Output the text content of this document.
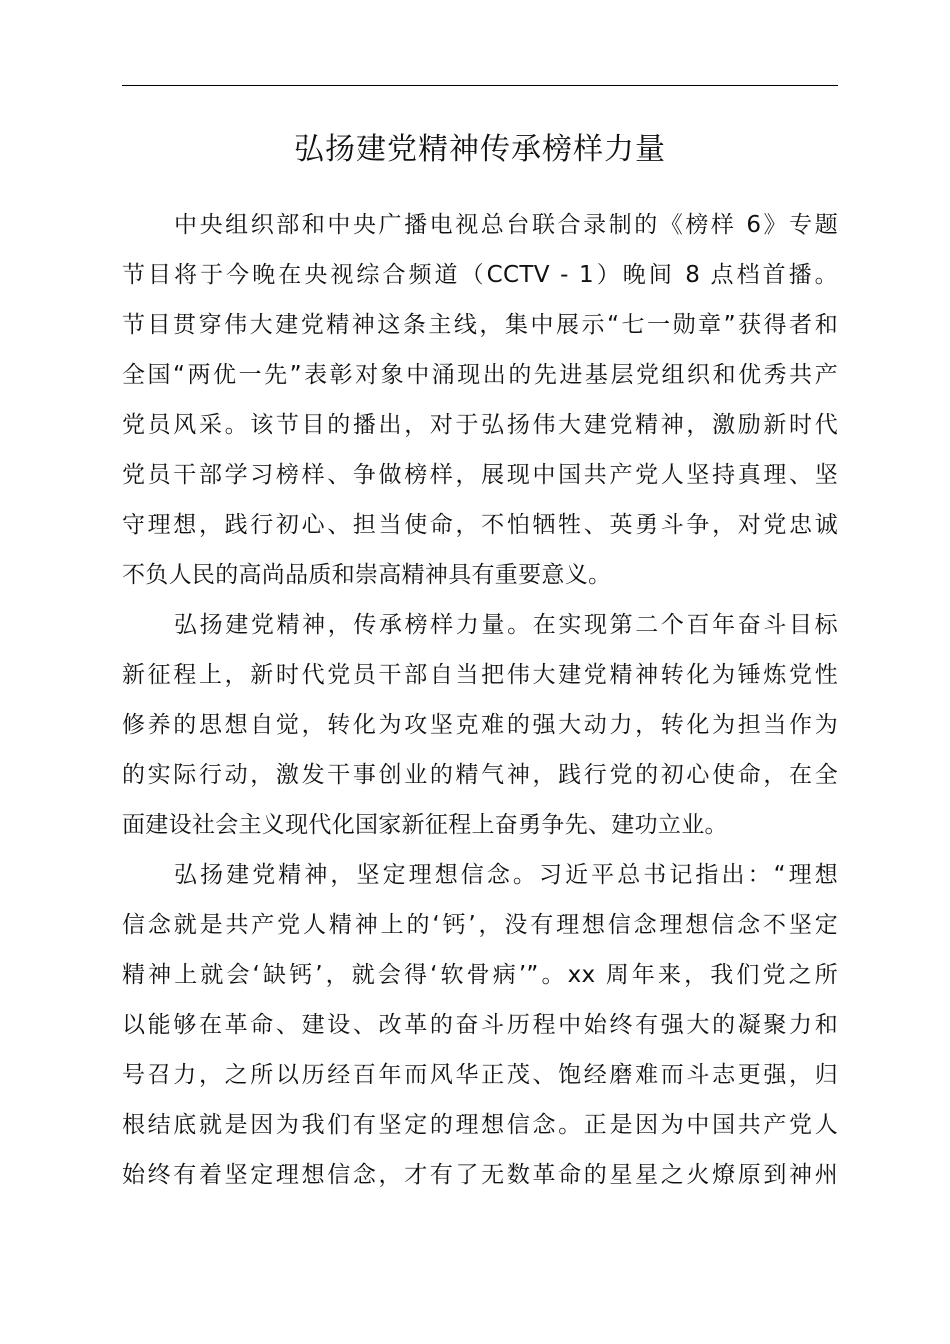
弘扬建党精神传承榜样力量
中央组织部和中央广播电视总台联合录制的《榜样 6》专题
节目将于今晚在央视综合频道（CCTV - 1）晚间 8 点档首播。
节目贯穿伟大建党精神这条主线，集中展示“七一勋章”获得者和
全国“两优一先”表彰对象中涌现出的先进基层党组织和优秀共产
党员风采。该节目的播出，对于弘扬伟大建党精神，激励新时代
党员干部学习榜样、争做榜样，展现中国共产党人坚持真理、坚
守理想，践行初心、担当使命，不怕牺牲、英勇斗争，对党忠诚
不负人民的高尚品质和崇高精神具有重要意义。
弘扬建党精神，传承榜样力量。在实现第二个百年奋斗目标
新征程上，新时代党员干部自当把伟大建党精神转化为锤炼党性
修养的思想自觉，转化为攻坚克难的强大动力，转化为担当作为
的实际行动，激发干事创业的精气神，践行党的初心使命，在全
面建设社会主义现代化国家新征程上奋勇争先、建功立业。
弘扬建党精神，坚定理想信念。习近平总书记指出：“理想
信念就是共产党人精神上的‘钙’，没有理想信念理想信念不坚定
精神上就会‘缺钙’，就会得‘软骨病’”。xx 周年来，我们党之所
以能够在革命、建设、改革的奋斗历程中始终有强大的凝聚力和
号召力，之所以历经百年而风华正茂、饱经磨难而斗志更强，归
根结底就是因为我们有坚定的理想信念。正是因为中国共产党人
始终有着坚定理想信念，才有了无数革命的星星之火燎原到神州
